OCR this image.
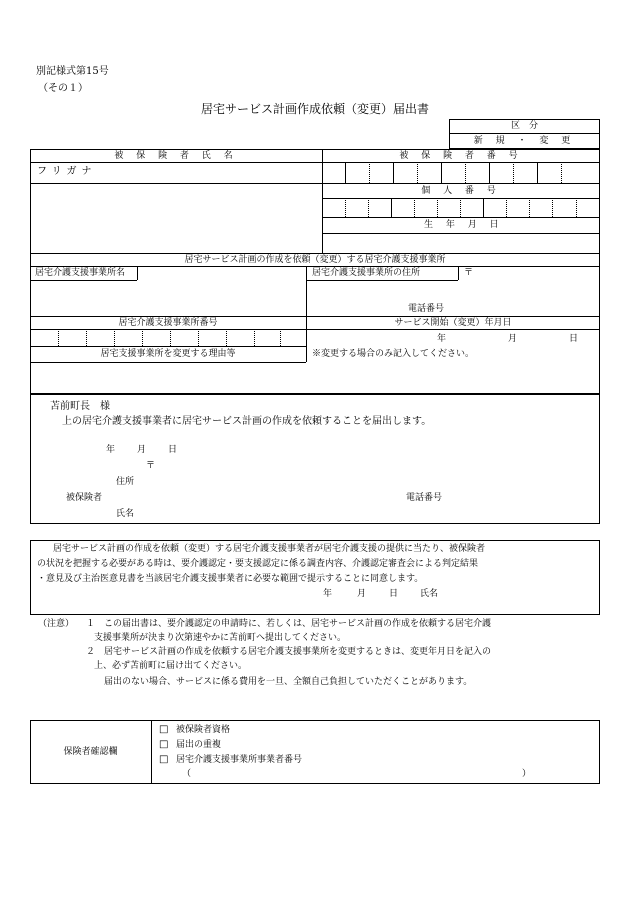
別記様式第15号
（その１）
居宅サービス計画作成依頼（変更）届出書
区　分
新 規 ・ 変 更
被 保 険 者 氏 名	被 保 険 者 番 号
フリガナ
個 人 番 号
生 年 月 日
居宅サービス計画の作成を依頼（変更）する居宅介護支援事業所
居宅介護支援事業所名	居宅介護支援事業所の住所	〒
電話番号
居宅介護支援事業所番号	サービス開始（変更）年月日
年	月	日
居宅支援事業所を変更する理由等	※変更する場合のみ記入してください。
苫前町長　様
上の居宅介護支援事業者に居宅サービス計画の作成を依頼することを届出します。
年 月 日
〒
住所
被保険者
氏名
電話番号
居宅サービス計画の作成を依頼（変更）する居宅介護支援事業者が居宅介護支援の提供に当たり、被保険者
の状況を把握する必要がある時は、要介護認定・要支援認定に係る調査内容、介護認定審査会による判定結果
・意見及び主治医意見書を当該居宅介護支援事業者に必要な範囲で提示することに同意します。
年	月	日 氏名
（注意） １ この届出書は、要介護認定の申請時に、若しくは、居宅サービス計画の作成を依頼する居宅介護
支援事業所が決まり次第速やかに苫前町へ提出してください。
２ 居宅サービス計画の作成を依頼する居宅介護支援事業所を変更するときは、変更年月日を記入の
上、必ず苫前町に届け出てください。
届出のない場合、サービスに係る費用を一旦、全額自己負担していただくことがあります。
保険者確認欄
□ 被保険者資格
□ 届出の重複
□ 居宅介護支援事業所事業者番号
（	）
